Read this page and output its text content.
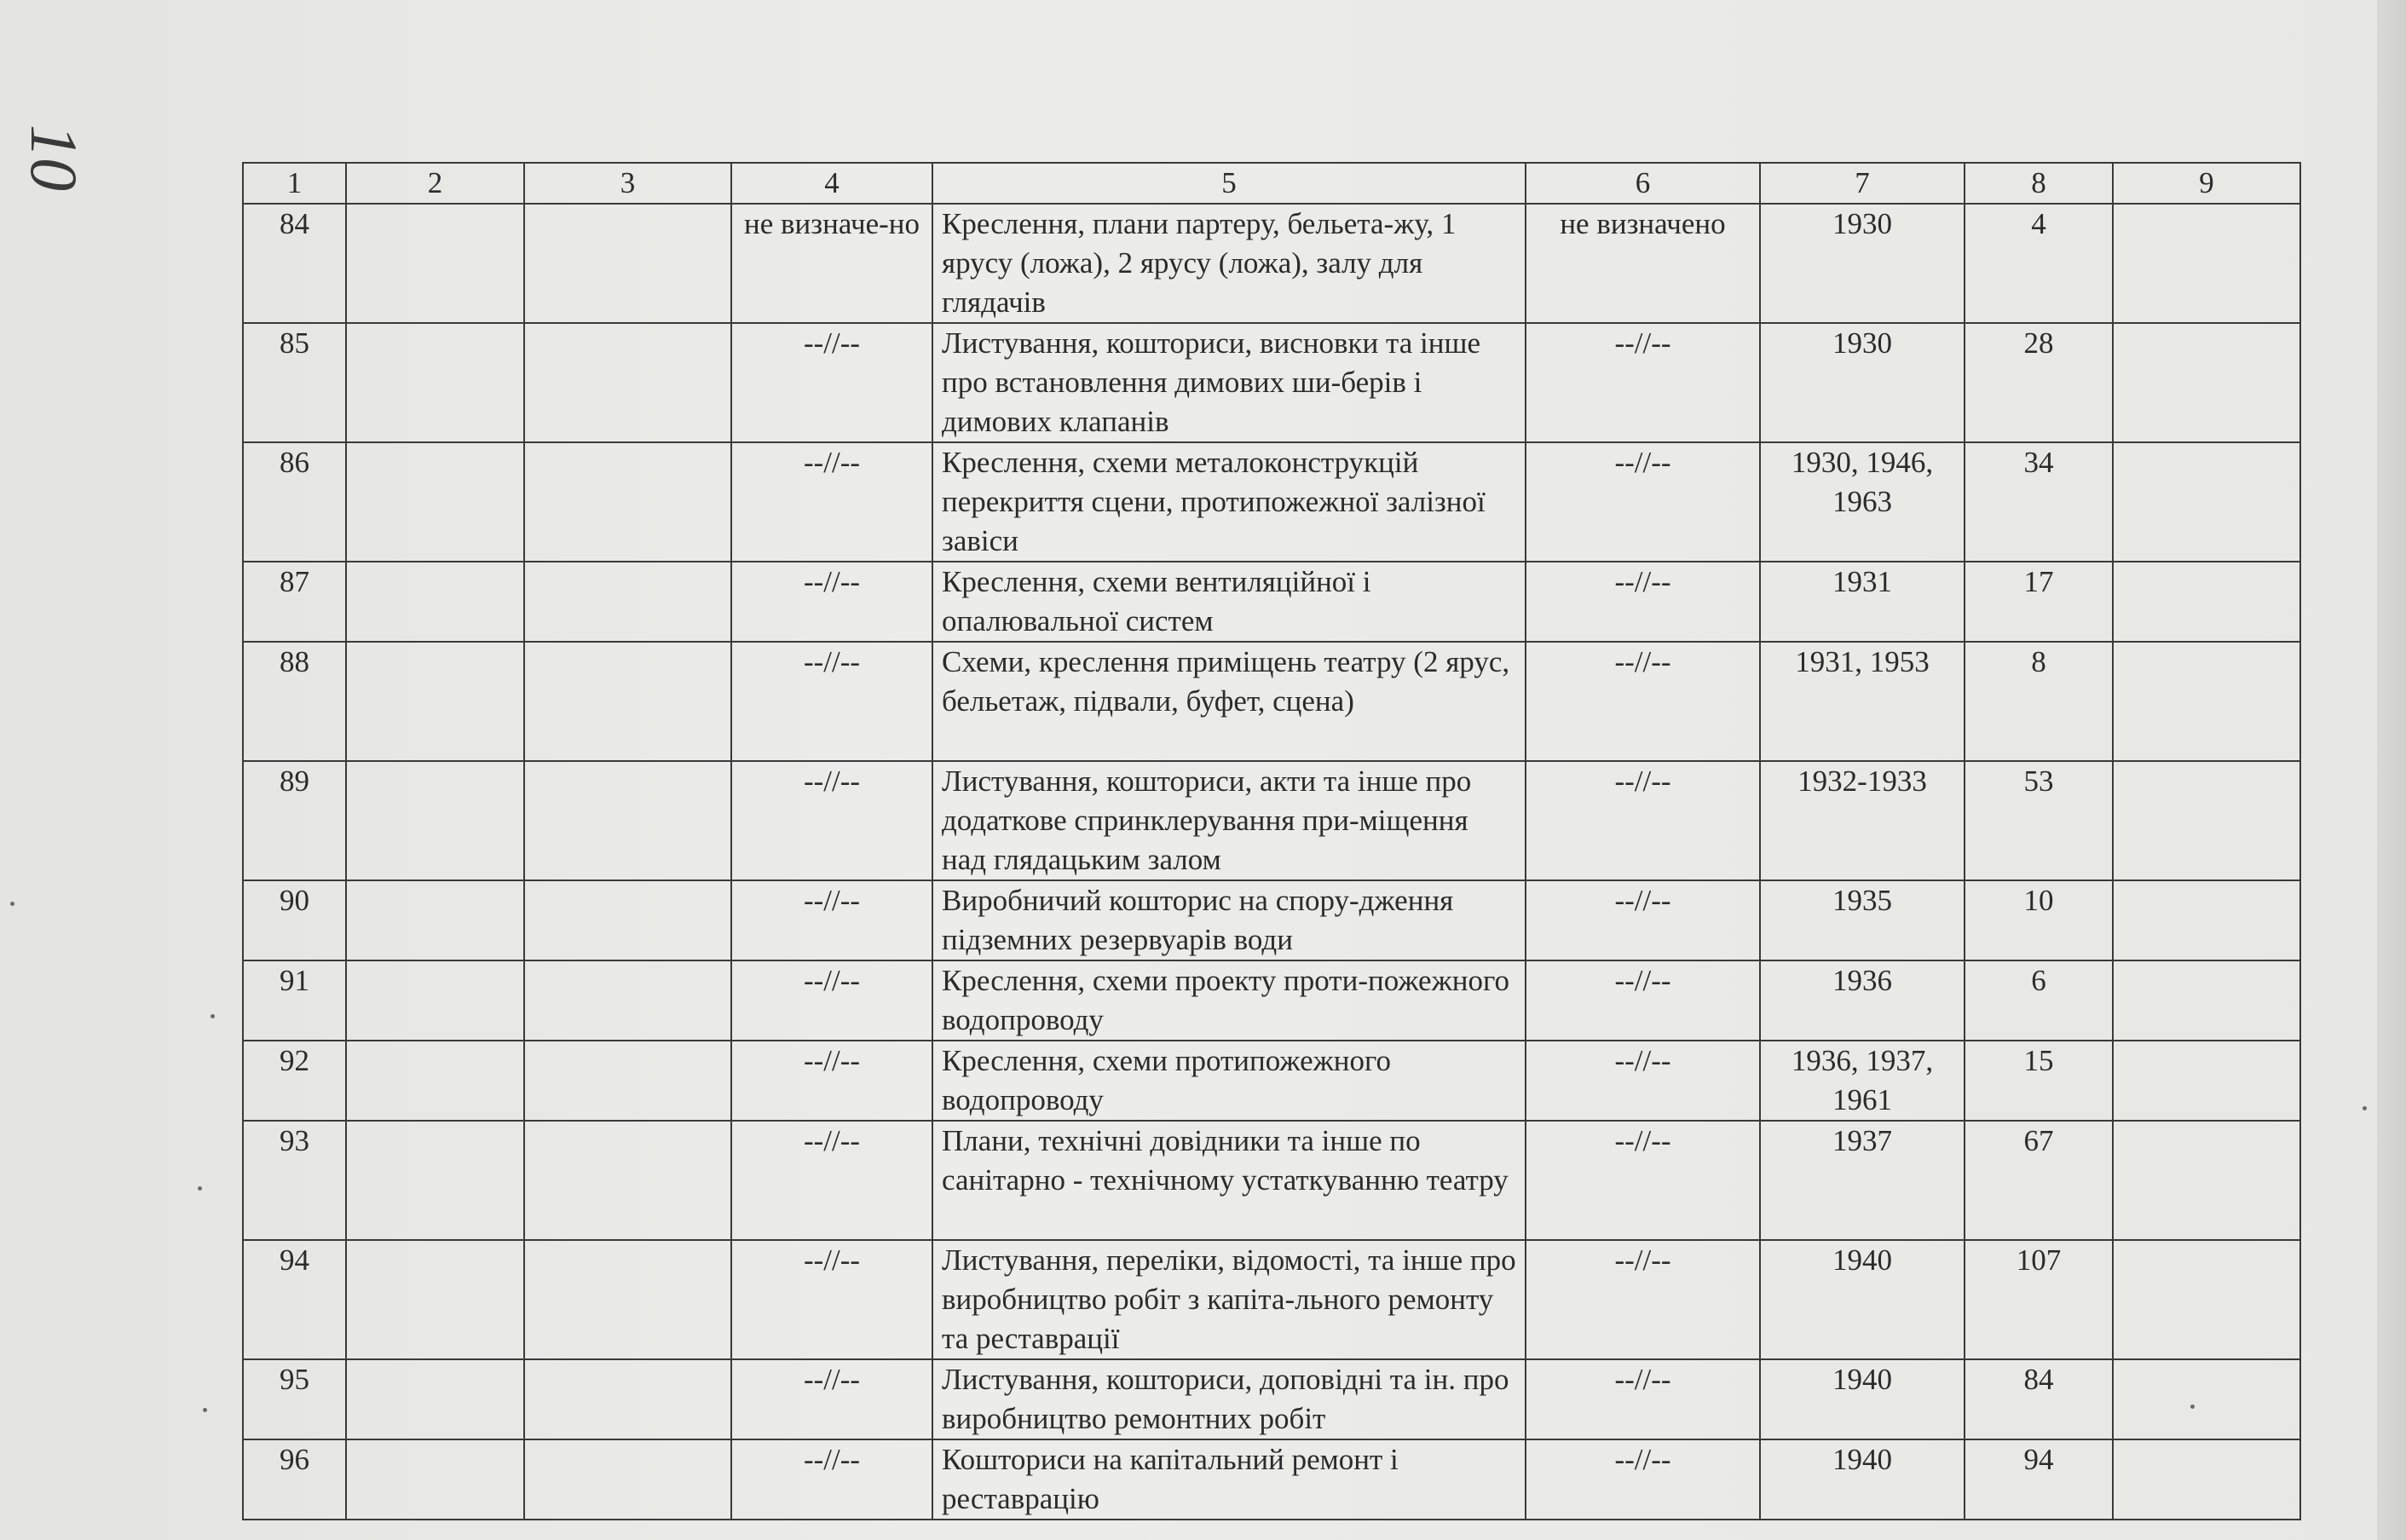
10	1	2	3	4	5	6	7	8	9
84			не визначе-но	Креслення, плани партеру, бельета-жу, 1 ярусу (ложа), 2 ярусу (ложа), залу для глядачів	не визначено	1930	4	
85			--//--	Листування, кошториси, висновки та інше про встановлення димових ши-берів і димових клапанів	--//--	1930	28	
86			--//--	Креслення, схеми металоконструкцій перекриття сцени, протипожежної залізної завіси	--//--	1930, 1946, 1963	34	
87			--//--	Креслення, схеми вентиляційної і опалювальної систем	--//--	1931	17	
88			--//--	Схеми, креслення приміщень театру (2 ярус, бельетаж, підвали, буфет, сцена)	--//--	1931, 1953	8	
89			--//--	Листування, кошториси, акти та інше про додаткове спринклерування при-міщення над глядацьким залом	--//--	1932-1933	53	
90			--//--	Виробничий кошторис на спору-дження підземних резервуарів води	--//--	1935	10	
91			--//--	Креслення, схеми проекту проти-пожежного водопроводу	--//--	1936	6	
92			--//--	Креслення, схеми протипожежного водопроводу	--//--	1936, 1937, 1961	15	
93			--//--	Плани, технічні довідники та інше по санітарно - технічному устаткуванню театру	--//--	1937	67	
94			--//--	Листування, переліки, відомості, та інше про виробництво робіт з капіта-льного ремонту та реставрації	--//--	1940	107	
95			--//--	Листування, кошториси, доповідні та ін. про виробництво ремонтних робіт	--//--	1940	84	
96			--//--	Кошториси на капітальний ремонт і реставрацію	--//--	1940	94	
